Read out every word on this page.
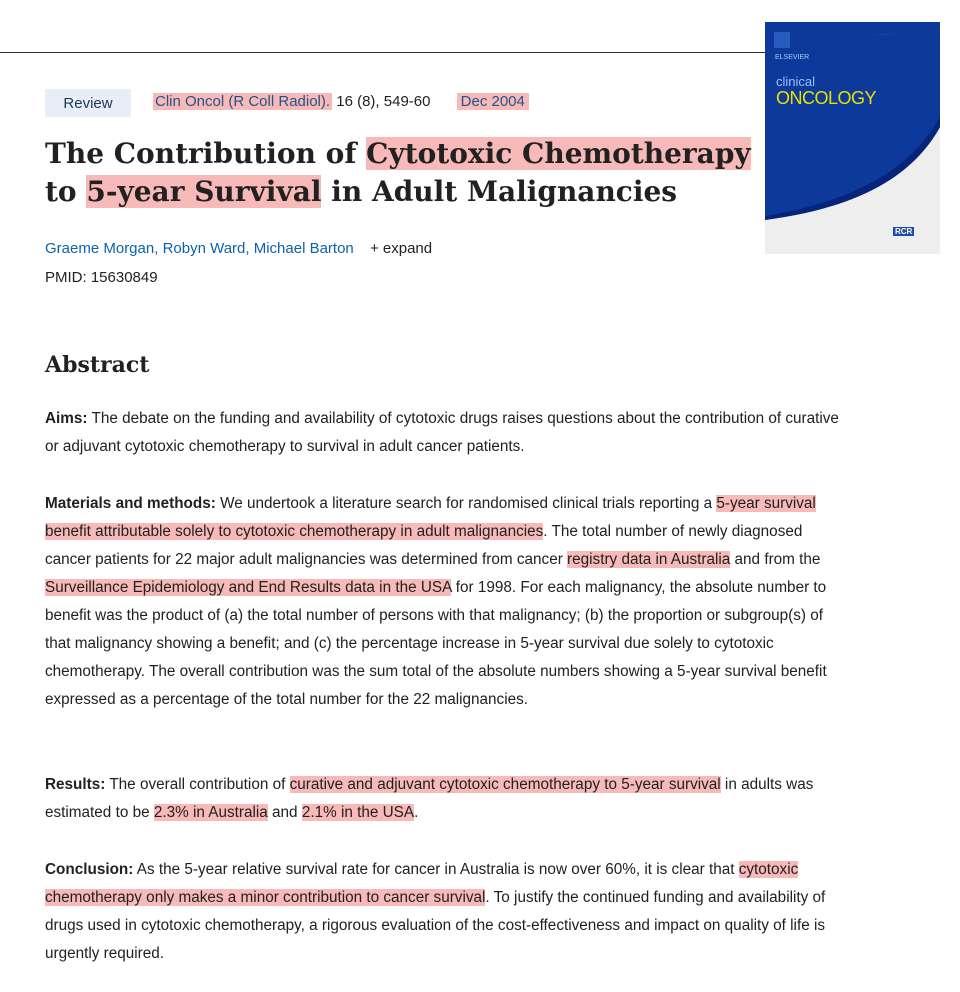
· · · · · · · ·
ELSEVIER
clinical
ONCOLOGY
RCR
Review	Clin Oncol (R Coll Radiol). 16 (8), 549-60 Dec 2004
The Contribution of Cytotoxic Chemotherapy to 5-year Survival in Adult Malignancies
Graeme Morgan, Robyn Ward, Michael Barton + expand
PMID: 15630849
Abstract

Aims: The debate on the funding and availability of cytotoxic drugs raises questions about the contribution of curative or adjuvant cytotoxic chemotherapy to survival in adult cancer patients.

Materials and methods: We undertook a literature search for randomised clinical trials reporting a 5-year survival benefit attributable solely to cytotoxic chemotherapy in adult malignancies. The total number of newly diagnosed cancer patients for 22 major adult malignancies was determined from cancer registry data in Australia and from the Surveillance Epidemiology and End Results data in the USA for 1998. For each malignancy, the absolute number to benefit was the product of (a) the total number of persons with that malignancy; (b) the proportion or subgroup(s) of that malignancy showing a benefit; and (c) the percentage increase in 5-year survival due solely to cytotoxic chemotherapy. The overall contribution was the sum total of the absolute numbers showing a 5-year survival benefit expressed as a percentage of the total number for the 22 malignancies.

Results: The overall contribution of curative and adjuvant cytotoxic chemotherapy to 5-year survival in adults was estimated to be 2.3% in Australia and 2.1% in the USA.

Conclusion: As the 5-year relative survival rate for cancer in Australia is now over 60%, it is clear that cytotoxic chemotherapy only makes a minor contribution to cancer survival. To justify the continued funding and availability of drugs used in cytotoxic chemotherapy, a rigorous evaluation of the cost-effectiveness and impact on quality of life is urgently required.
